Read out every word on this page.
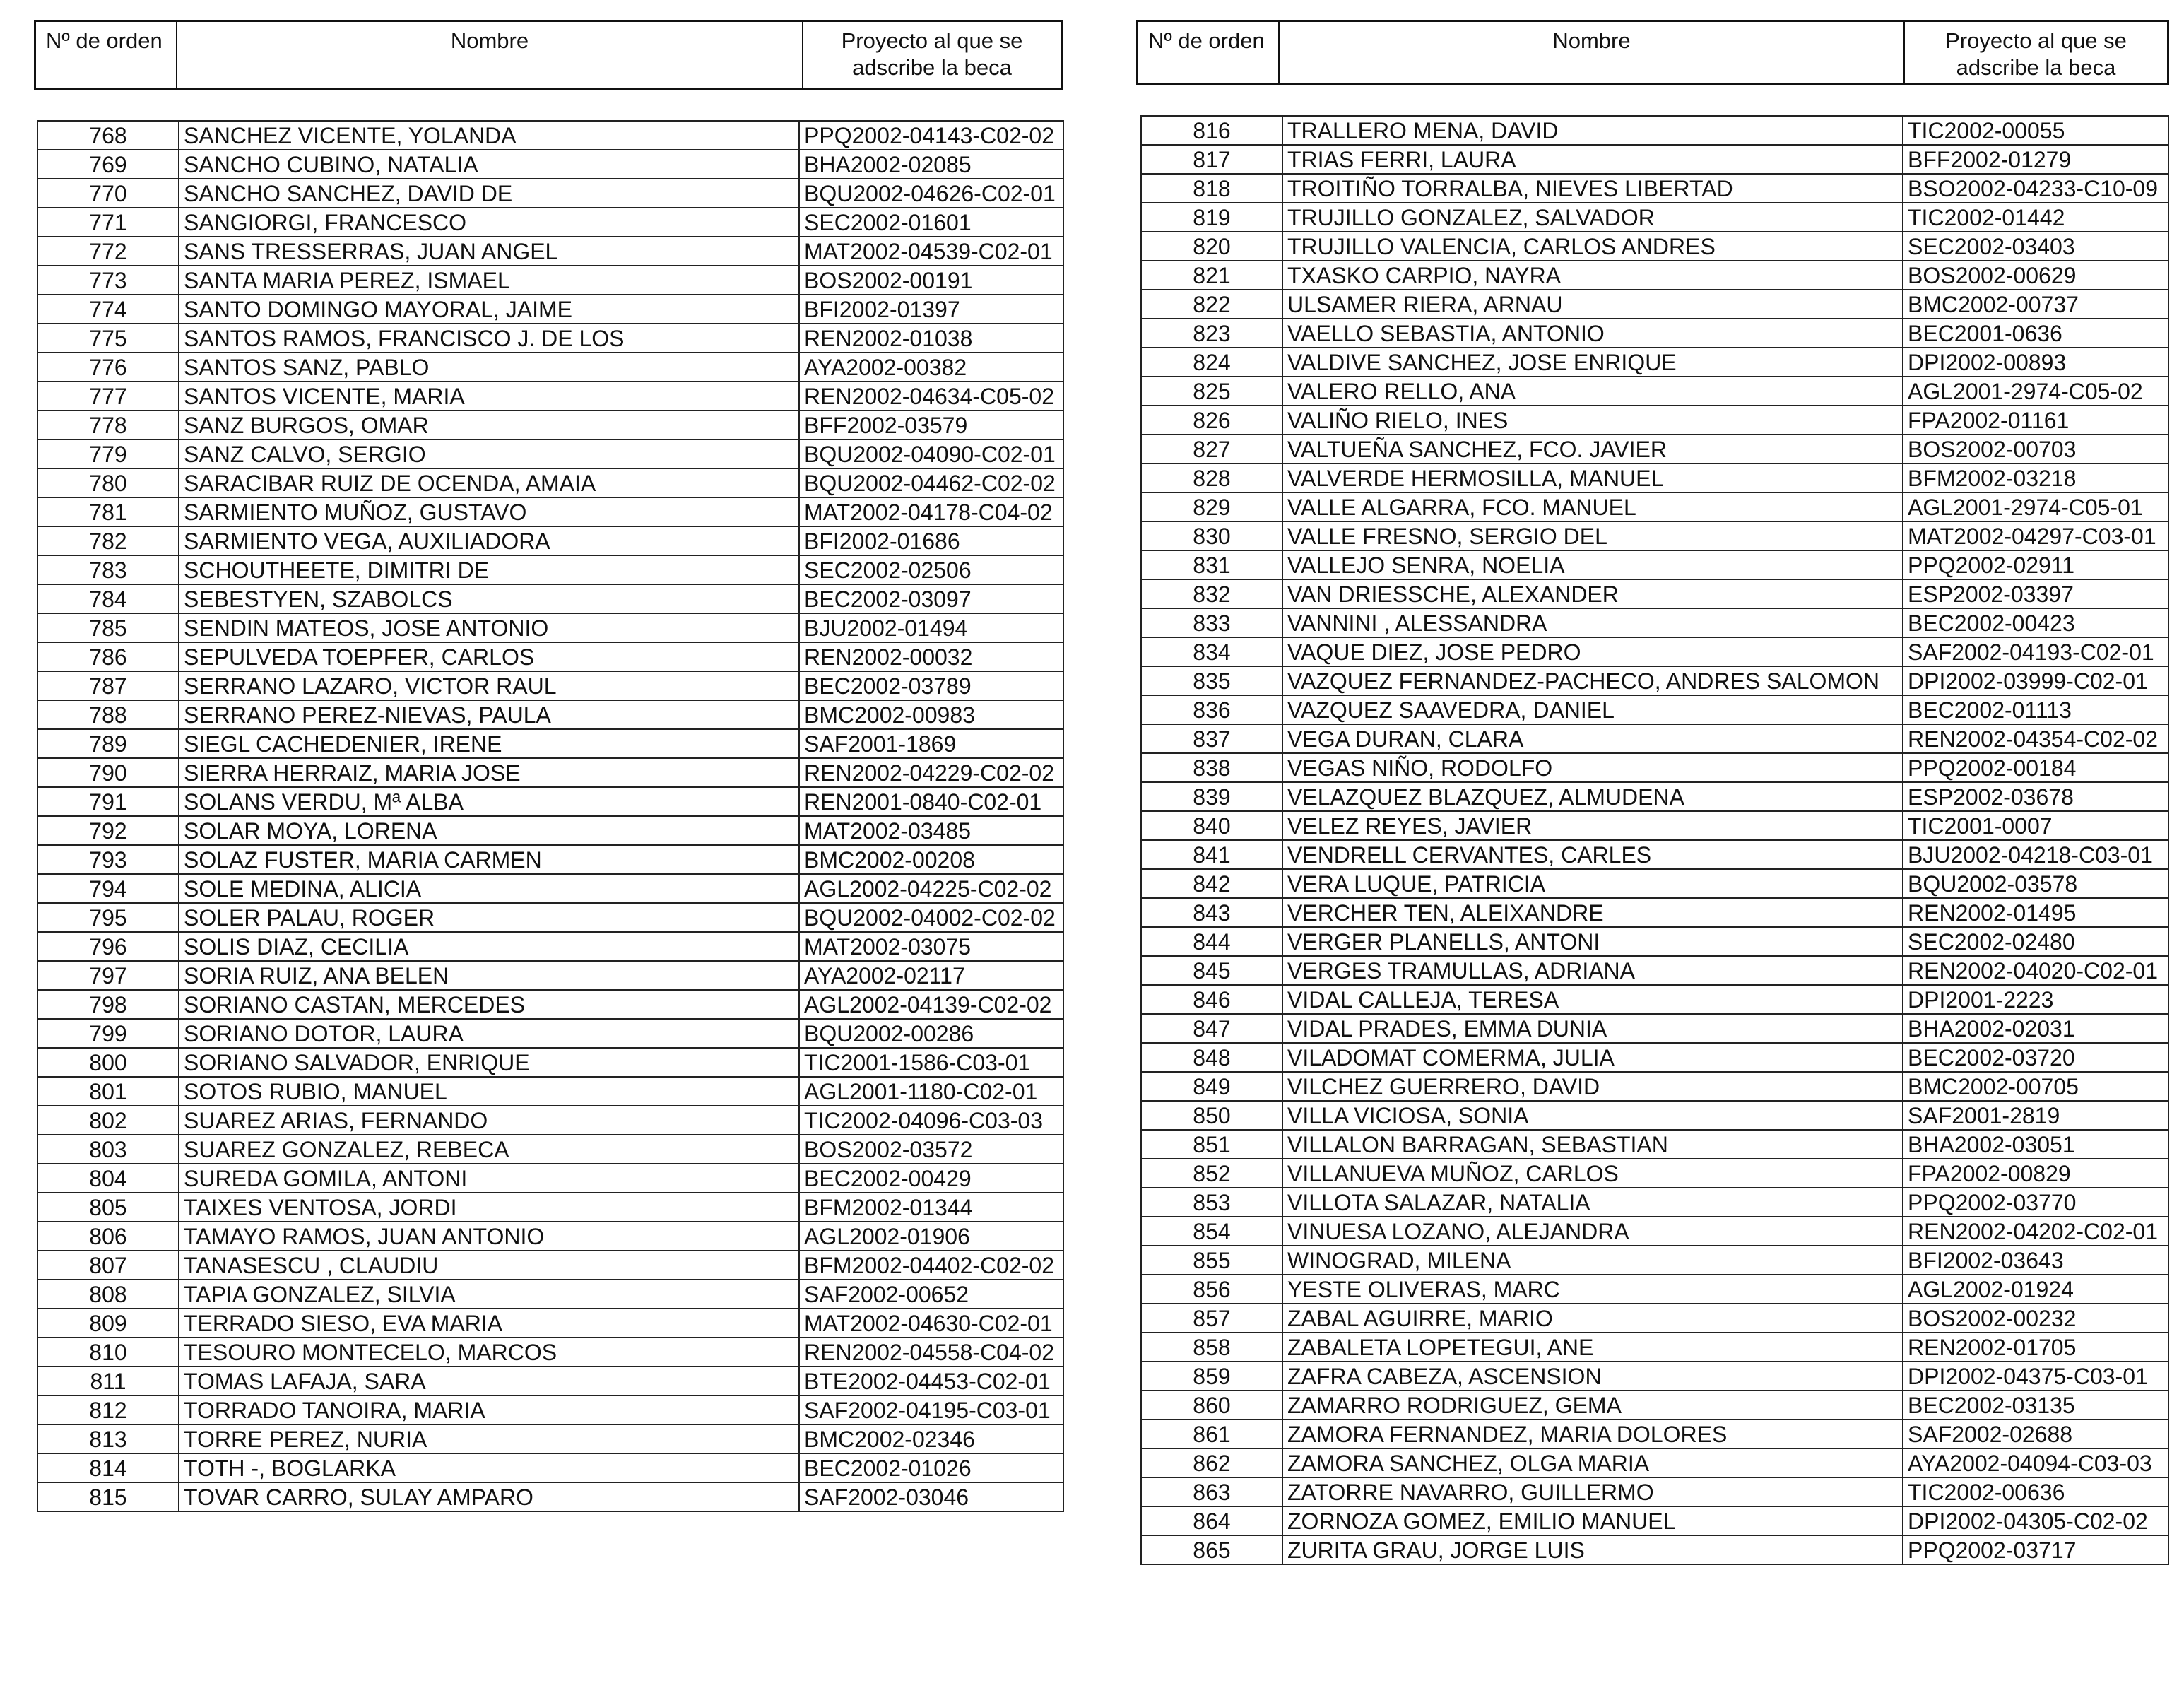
Nº de orden	Nombre	Proyecto al que se
adscribe la beca
Nº de orden	Nombre	Proyecto al que se
adscribe la beca
768	SANCHEZ VICENTE, YOLANDA	PPQ2002-04143-C02-02
769	SANCHO CUBINO, NATALIA	BHA2002-02085
770	SANCHO SANCHEZ, DAVID DE	BQU2002-04626-C02-01
771	SANGIORGI, FRANCESCO	SEC2002-01601
772	SANS TRESSERRAS, JUAN ANGEL	MAT2002-04539-C02-01
773	SANTA MARIA PEREZ, ISMAEL	BOS2002-00191
774	SANTO DOMINGO MAYORAL, JAIME	BFI2002-01397
775	SANTOS RAMOS, FRANCISCO J. DE LOS	REN2002-01038
776	SANTOS SANZ, PABLO	AYA2002-00382
777	SANTOS VICENTE, MARIA	REN2002-04634-C05-02
778	SANZ BURGOS, OMAR	BFF2002-03579
779	SANZ CALVO, SERGIO	BQU2002-04090-C02-01
780	SARACIBAR RUIZ DE OCENDA, AMAIA	BQU2002-04462-C02-02
781	SARMIENTO MUÑOZ, GUSTAVO	MAT2002-04178-C04-02
782	SARMIENTO VEGA, AUXILIADORA	BFI2002-01686
783	SCHOUTHEETE, DIMITRI DE	SEC2002-02506
784	SEBESTYEN, SZABOLCS	BEC2002-03097
785	SENDIN MATEOS, JOSE ANTONIO	BJU2002-01494
786	SEPULVEDA TOEPFER, CARLOS	REN2002-00032
787	SERRANO LAZARO, VICTOR RAUL	BEC2002-03789
788	SERRANO PEREZ-NIEVAS, PAULA	BMC2002-00983
789	SIEGL CACHEDENIER, IRENE	SAF2001-1869
790	SIERRA HERRAIZ, MARIA JOSE	REN2002-04229-C02-02
791	SOLANS VERDU, Mª ALBA	REN2001-0840-C02-01
792	SOLAR MOYA, LORENA	MAT2002-03485
793	SOLAZ FUSTER, MARIA CARMEN	BMC2002-00208
794	SOLE MEDINA, ALICIA	AGL2002-04225-C02-02
795	SOLER PALAU, ROGER	BQU2002-04002-C02-02
796	SOLIS DIAZ, CECILIA	MAT2002-03075
797	SORIA RUIZ, ANA BELEN	AYA2002-02117
798	SORIANO CASTAN, MERCEDES	AGL2002-04139-C02-02
799	SORIANO DOTOR, LAURA	BQU2002-00286
800	SORIANO SALVADOR, ENRIQUE	TIC2001-1586-C03-01
801	SOTOS RUBIO, MANUEL	AGL2001-1180-C02-01
802	SUAREZ ARIAS, FERNANDO	TIC2002-04096-C03-03
803	SUAREZ GONZALEZ, REBECA	BOS2002-03572
804	SUREDA GOMILA, ANTONI	BEC2002-00429
805	TAIXES VENTOSA, JORDI	BFM2002-01344
806	TAMAYO RAMOS, JUAN ANTONIO	AGL2002-01906
807	TANASESCU , CLAUDIU	BFM2002-04402-C02-02
808	TAPIA GONZALEZ, SILVIA	SAF2002-00652
809	TERRADO SIESO, EVA MARIA	MAT2002-04630-C02-01
810	TESOURO MONTECELO, MARCOS	REN2002-04558-C04-02
811	TOMAS LAFAJA, SARA	BTE2002-04453-C02-01
812	TORRADO TANOIRA, MARIA	SAF2002-04195-C03-01
813	TORRE PEREZ, NURIA	BMC2002-02346
814	TOTH -, BOGLARKA	BEC2002-01026
815	TOVAR CARRO, SULAY AMPARO	SAF2002-03046
816	TRALLERO MENA, DAVID	TIC2002-00055
817	TRIAS FERRI, LAURA	BFF2002-01279
818	TROITIÑO TORRALBA, NIEVES LIBERTAD	BSO2002-04233-C10-09
819	TRUJILLO GONZALEZ, SALVADOR	TIC2002-01442
820	TRUJILLO VALENCIA, CARLOS ANDRES	SEC2002-03403
821	TXASKO CARPIO, NAYRA	BOS2002-00629
822	ULSAMER RIERA, ARNAU	BMC2002-00737
823	VAELLO SEBASTIA, ANTONIO	BEC2001-0636
824	VALDIVE SANCHEZ, JOSE ENRIQUE	DPI2002-00893
825	VALERO RELLO, ANA	AGL2001-2974-C05-02
826	VALIÑO RIELO, INES	FPA2002-01161
827	VALTUEÑA SANCHEZ, FCO. JAVIER	BOS2002-00703
828	VALVERDE HERMOSILLA, MANUEL	BFM2002-03218
829	VALLE ALGARRA, FCO. MANUEL	AGL2001-2974-C05-01
830	VALLE FRESNO, SERGIO DEL	MAT2002-04297-C03-01
831	VALLEJO SENRA, NOELIA	PPQ2002-02911
832	VAN DRIESSCHE, ALEXANDER	ESP2002-03397
833	VANNINI , ALESSANDRA	BEC2002-00423
834	VAQUE DIEZ, JOSE PEDRO	SAF2002-04193-C02-01
835	VAZQUEZ FERNANDEZ-PACHECO, ANDRES SALOMON	DPI2002-03999-C02-01
836	VAZQUEZ SAAVEDRA, DANIEL	BEC2002-01113
837	VEGA DURAN, CLARA	REN2002-04354-C02-02
838	VEGAS NIÑO, RODOLFO	PPQ2002-00184
839	VELAZQUEZ BLAZQUEZ, ALMUDENA	ESP2002-03678
840	VELEZ REYES, JAVIER	TIC2001-0007
841	VENDRELL CERVANTES, CARLES	BJU2002-04218-C03-01
842	VERA LUQUE, PATRICIA	BQU2002-03578
843	VERCHER TEN, ALEIXANDRE	REN2002-01495
844	VERGER PLANELLS, ANTONI	SEC2002-02480
845	VERGES TRAMULLAS, ADRIANA	REN2002-04020-C02-01
846	VIDAL CALLEJA, TERESA	DPI2001-2223
847	VIDAL PRADES, EMMA DUNIA	BHA2002-02031
848	VILADOMAT COMERMA, JULIA	BEC2002-03720
849	VILCHEZ GUERRERO, DAVID	BMC2002-00705
850	VILLA VICIOSA, SONIA	SAF2001-2819
851	VILLALON BARRAGAN, SEBASTIAN	BHA2002-03051
852	VILLANUEVA MUÑOZ, CARLOS	FPA2002-00829
853	VILLOTA SALAZAR, NATALIA	PPQ2002-03770
854	VINUESA LOZANO, ALEJANDRA	REN2002-04202-C02-01
855	WINOGRAD, MILENA	BFI2002-03643
856	YESTE OLIVERAS, MARC	AGL2002-01924
857	ZABAL AGUIRRE, MARIO	BOS2002-00232
858	ZABALETA LOPETEGUI, ANE	REN2002-01705
859	ZAFRA CABEZA, ASCENSION	DPI2002-04375-C03-01
860	ZAMARRO RODRIGUEZ, GEMA	BEC2002-03135
861	ZAMORA FERNANDEZ, MARIA DOLORES	SAF2002-02688
862	ZAMORA SANCHEZ, OLGA MARIA	AYA2002-04094-C03-03
863	ZATORRE NAVARRO, GUILLERMO	TIC2002-00636
864	ZORNOZA GOMEZ, EMILIO MANUEL	DPI2002-04305-C02-02
865	ZURITA GRAU, JORGE LUIS	PPQ2002-03717
